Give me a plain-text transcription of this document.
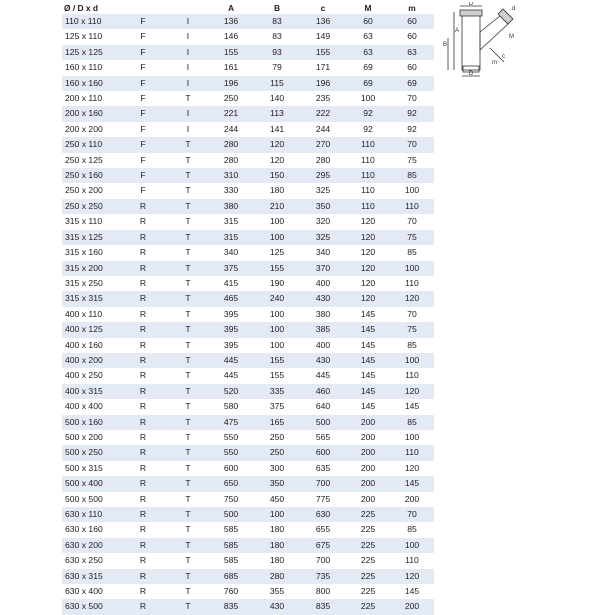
Ø / D x d			A	B	c	M	m
110 x 110	F	I	136	83	136	60	60
125 x 110	F	I	146	83	149	63	60
125 x 125	F	I	155	93	155	63	63
160 x 110	F	I	161	79	171	69	60
160 x 160	F	I	196	115	196	69	69
200 x 110	F	T	250	140	235	100	70
200 x 160	F	I	221	113	222	92	92
200 x 200	F	I	244	141	244	92	92
250 x 110	F	T	280	120	270	110	70
250 x 125	F	T	280	120	280	110	75
250 x 160	F	T	310	150	295	110	85
250 x 200	F	T	330	180	325	110	100
250 x 250	R	T	380	210	350	110	110
315 x 110	R	T	315	100	320	120	70
315 x 125	R	T	315	100	325	120	75
315 x 160	R	T	340	125	340	120	85
315 x 200	R	T	375	155	370	120	100
315 x 250	R	T	415	190	400	120	110
315 x 315	R	T	465	240	430	120	120
400 x 110	R	T	395	100	380	145	70
400 x 125	R	T	395	100	385	145	75
400 x 160	R	T	395	100	400	145	85
400 x 200	R	T	445	155	430	145	100
400 x 250	R	T	445	155	445	145	110
400 x 315	R	T	520	335	460	145	120
400 x 400	R	T	580	375	640	145	145
500 x 160	R	T	475	165	500	200	85
500 x 200	R	T	550	250	565	200	100
500 x 250	R	T	550	250	600	200	110
500 x 315	R	T	600	300	635	200	120
500 x 400	R	T	650	350	700	200	145
500 x 500	R	T	750	450	775	200	200
630 x 110	R	T	500	100	630	225	70
630 x 160	R	T	585	180	655	225	85
630 x 200	R	T	585	180	675	225	100
630 x 250	R	T	585	180	700	225	110
630 x 315	R	T	685	280	735	225	120
630 x 400	R	T	760	355	800	225	145
630 x 500	R	T	835	430	835	225	200
D
d
A
B
M
c
m
D
